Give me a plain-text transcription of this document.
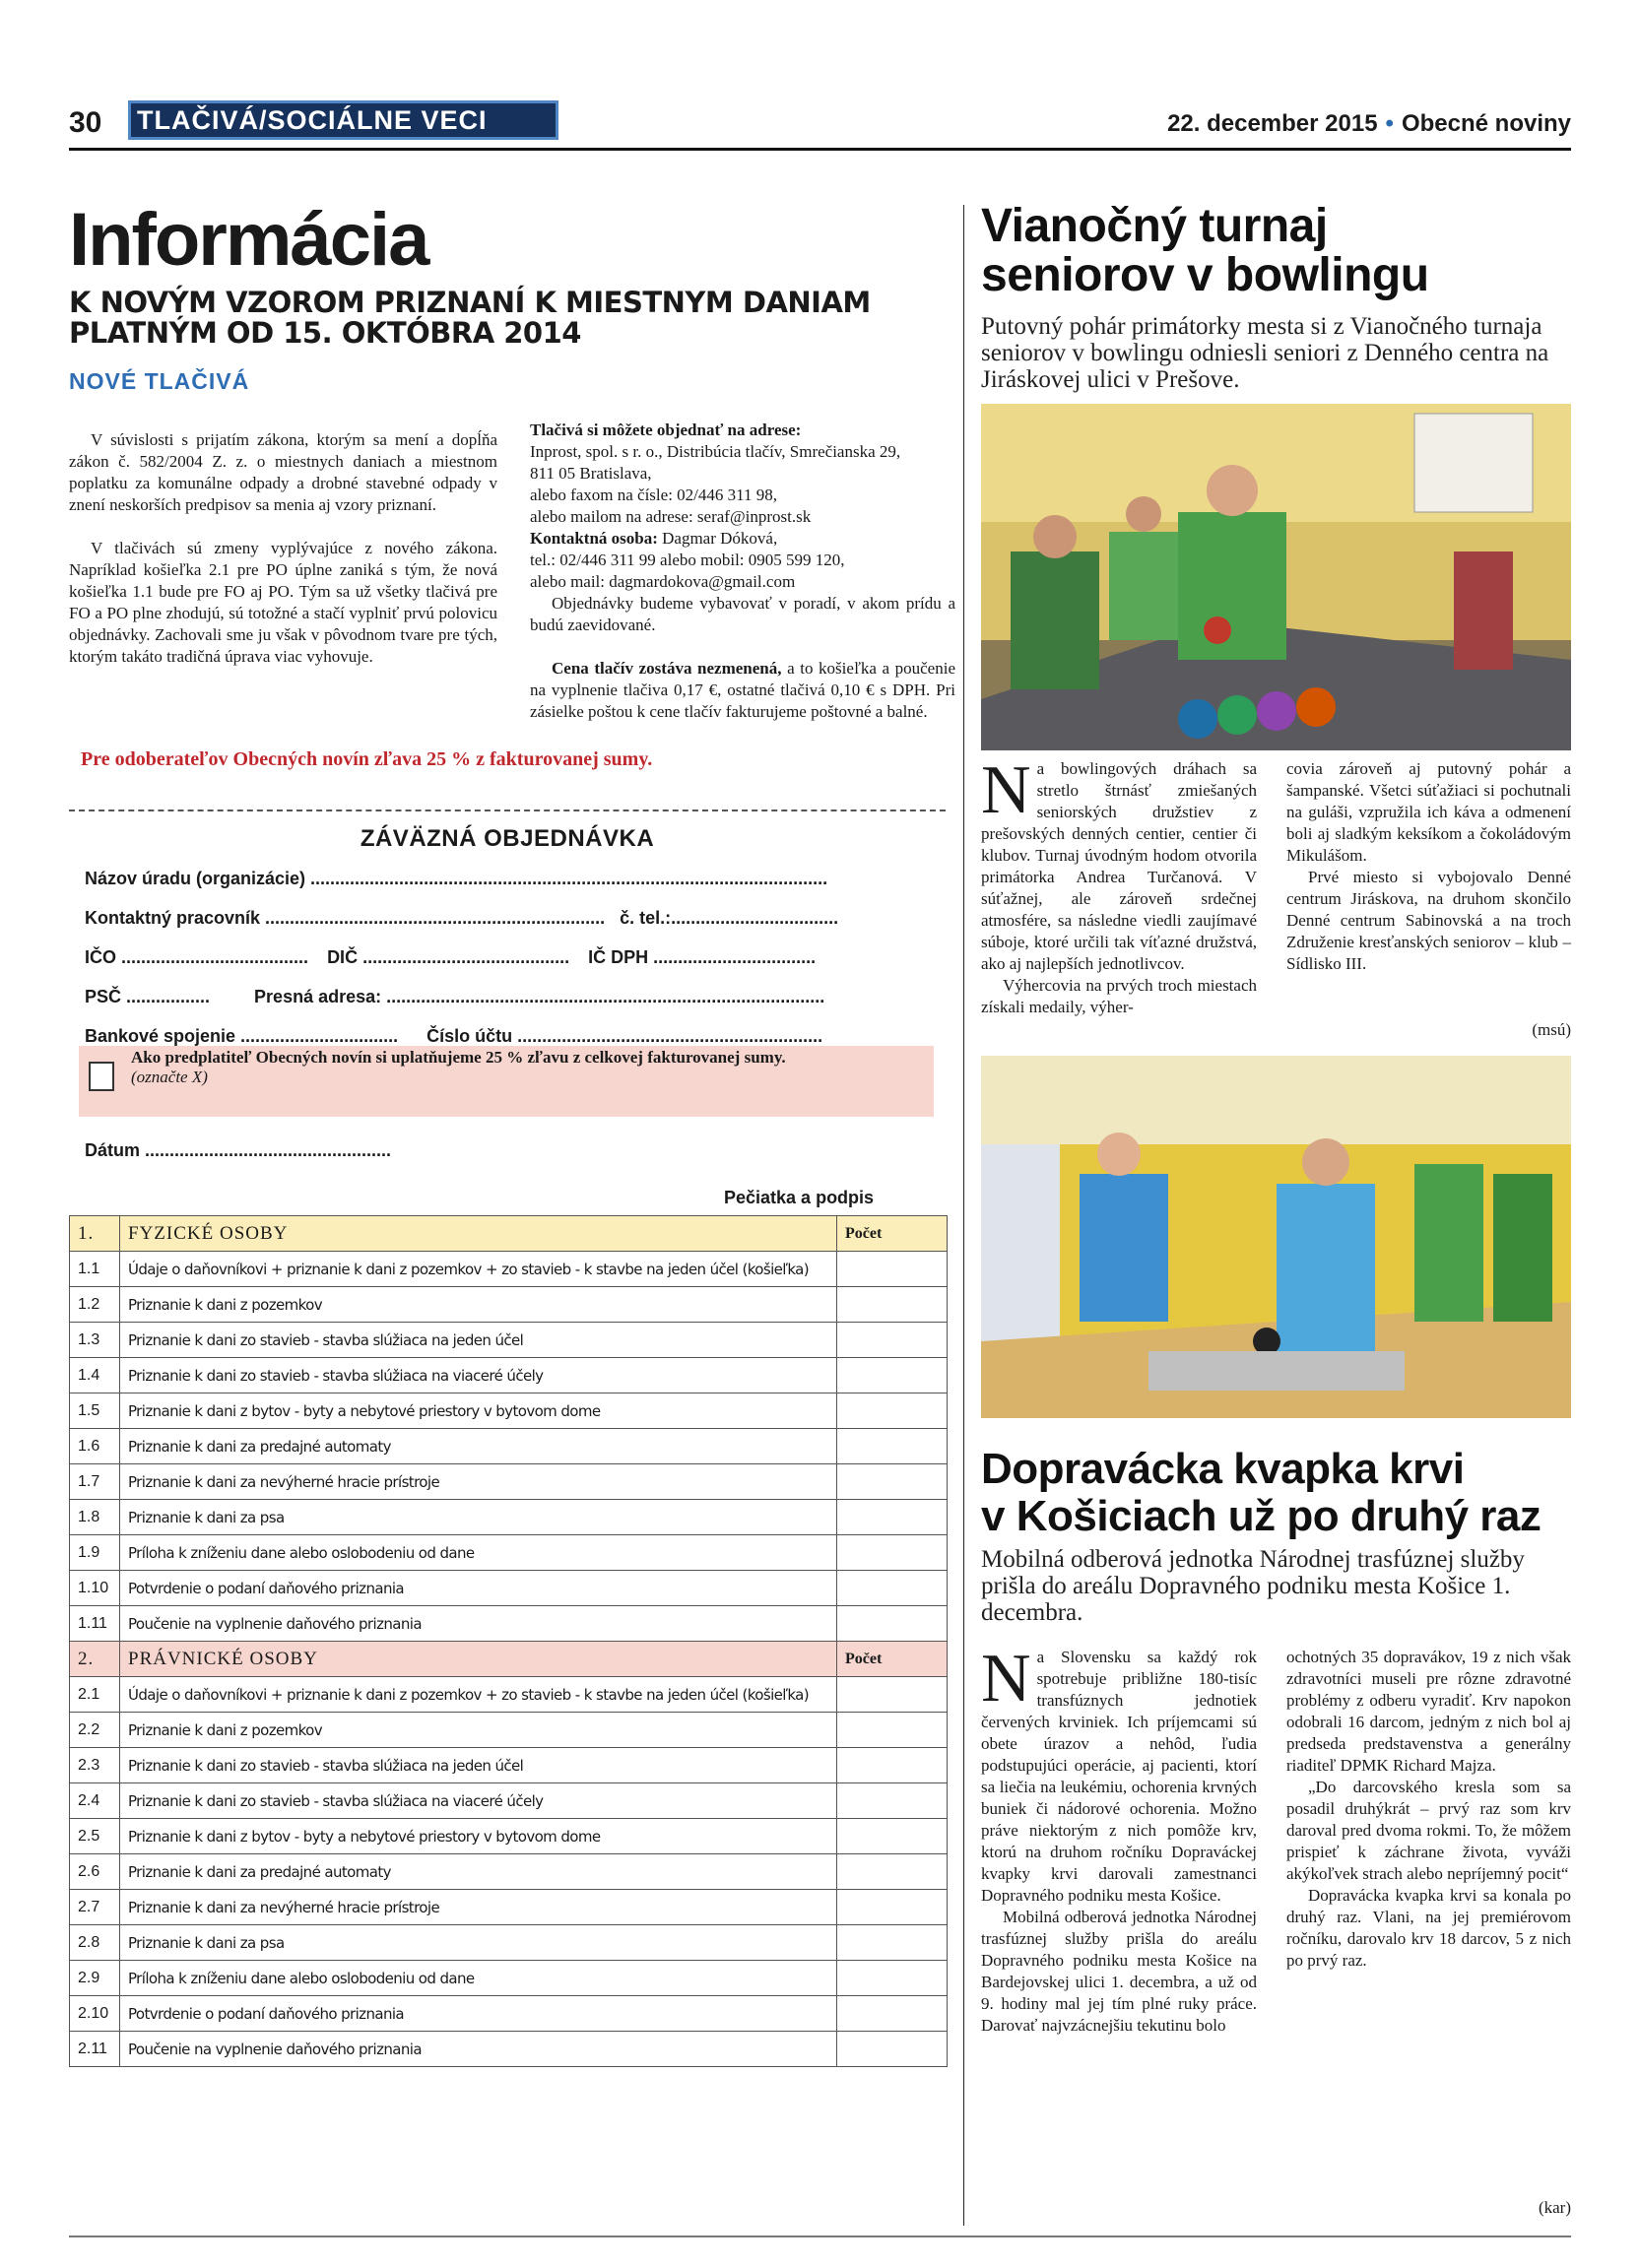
30	TLAČIVÁ/SOCIÁLNE VECI	22. december 2015 • Obecné noviny
Informácia
K NOVÝM VZOROM PRIZNANÍ K MIESTNYM DANIAM PLATNÝM OD 15. OKTÓBRA 2014
NOVÉ TLAČIVÁ

V súvislosti s prijatím zákona, ktorým sa mení a dopĺňa zákon č. 582/2004 Z. z. o miestnych daniach a miestnom poplatku za komunálne odpady a drobné stavebné odpady v znení neskorších predpisov sa menia aj vzory priznaní.

V tlačivách sú zmeny vyplývajúce z nového zákona. Napríklad košieľka 2.1 pre PO úplne zaniká s tým, že nová košieľka 1.1 bude pre FO aj PO. Tým sa už všetky tlačivá pre FO a PO plne zhodujú, sú totožné a stačí vyplniť prvú polovicu objednávky. Zachovali sme ju však v pôvodnom tvare pre tých, ktorým takáto tradičná úprava viac vyhovuje.

Tlačivá si môžete objednať na adrese:

Inprost, spol. s r. o., Distribúcia tlačív, Smrečianska 29,

811 05 Bratislava,

alebo faxom na čísle: 02/446 311 98,

alebo mailom na adrese: seraf@inprost.sk

Kontaktná osoba: Dagmar Dóková,

tel.: 02/446 311 99 alebo mobil: 0905 599 120,

alebo mail: dagmardokova@gmail.com

Objednávky budeme vybavovať v poradí, v akom prídu a budú zaevidované.

Cena tlačív zostáva nezmenená, a to košieľka a poučenie na vyplnenie tlačiva 0,17 €, ostatné tlačivá 0,10 € s DPH. Pri zásielke poštou k cene tlačív fakturujeme poštovné a balné.

Pre odoberateľov Obecných novín zľava 25 % z fakturovanej sumy.
ZÁVÄZNÁ OBJEDNÁVKA
Názov úradu (organizácie) .........................................................................................................
Kontaktný pracovník ..................................................................... č. tel.:..................................
IČO ...................................... DIČ .......................................... IČ DPH .................................
PSČ .................	Presná adresa: .........................................................................................
Bankové spojenie ................................ Číslo účtu ..............................................................
Ako predplatiteľ Obecných novín si uplatňujeme 25 % zľavu z celkovej fakturovanej sumy.
(označte X)
Dátum ..................................................
Pečiatka a podpis
1.	FYZICKÉ OSOBY	Počet
1.1	Údaje o daňovníkovi + priznanie k dani z pozemkov + zo stavieb - k stavbe na jeden účel (košieľka)	
1.2	Priznanie k dani z pozemkov	
1.3	Priznanie k dani zo stavieb - stavba slúžiaca na jeden účel	
1.4	Priznanie k dani zo stavieb - stavba slúžiaca na viaceré účely	
1.5	Priznanie k dani z bytov - byty a nebytové priestory v bytovom dome	
1.6	Priznanie k dani za predajné automaty	
1.7	Priznanie k dani za nevýherné hracie prístroje	
1.8	Priznanie k dani za psa	
1.9	Príloha k zníženiu dane alebo oslobodeniu od dane	
1.10	Potvrdenie o podaní daňového priznania	
1.11	Poučenie na vyplnenie daňového priznania	
2.	PRÁVNICKÉ OSOBY	Počet
2.1	Údaje o daňovníkovi + priznanie k dani z pozemkov + zo stavieb - k stavbe na jeden účel (košieľka)	
2.2	Priznanie k dani z pozemkov	
2.3	Priznanie k dani zo stavieb - stavba slúžiaca na jeden účel	
2.4	Priznanie k dani zo stavieb - stavba slúžiaca na viaceré účely	
2.5	Priznanie k dani z bytov - byty a nebytové priestory v bytovom dome	
2.6	Priznanie k dani za predajné automaty	
2.7	Priznanie k dani za nevýherné hracie prístroje	
2.8	Priznanie k dani za psa	
2.9	Príloha k zníženiu dane alebo oslobodeniu od dane	
2.10	Potvrdenie o podaní daňového priznania	
2.11	Poučenie na vyplnenie daňového priznania	
Vianočný turnaj
seniorov v bowlingu
Putovný pohár primátorky mesta si z Vianočného turnaja seniorov v bowlingu odniesli seniori z Denného centra na Jiráskovej ulici v Prešove.
N a bowlingových dráhach sa stretlo štrnásť zmiešaných seniorských družstiev z prešovských denných centier, centier či klubov. Turnaj úvodným hodom otvorila primátorka Andrea Turčanová. V súťažnej, ale zároveň srdečnej atmosfére, sa následne viedli zaujímavé súboje, ktoré určili tak víťazné družstvá, ako aj najlepších jednotlivcov.

Výhercovia na prvých troch miestach získali medaily, výher-

covia zároveň aj putovný pohár a šampanské. Všetci súťažiaci si pochutnali na guláši, vzpružila ich káva a odmenení boli aj sladkým keksíkom a čokoládovým Mikulášom.

Prvé miesto si vybojovalo Denné centrum Jiráskova, na druhom skončilo Denné centrum Sabinovská a na troch Združenie kresťanských seniorov – klub – Sídlisko III.

(msú)
Dopravácka kvapka krvi
v Košiciach už po druhý raz
Mobilná odberová jednotka Národnej trasfúznej služby prišla do areálu Dopravného podniku mesta Košice 1. decembra.
N a Slovensku sa každý rok spotrebuje približne 180-tisíc transfúznych jednotiek červených krviniek. Ich príjemcami sú obete úrazov a nehôd, ľudia podstupujúci operácie, aj pacienti, ktorí sa liečia na leukémiu, ochorenia krvných buniek či nádorové ochorenia. Možno práve niektorým z nich pomôže krv, ktorú na druhom ročníku Dopraváckej kvapky krvi darovali zamestnanci Dopravného podniku mesta Košice.

Mobilná odberová jednotka Národnej trasfúznej služby prišla do areálu Dopravného podniku mesta Košice na Bardejovskej ulici 1. decembra, a už od 9. hodiny mal jej tím plné ruky práce. Darovať najvzácnejšiu tekutinu bolo

ochotných 35 dopravákov, 19 z nich však zdravotníci museli pre rôzne zdravotné problémy z odberu vyradiť. Krv napokon odobrali 16 darcom, jedným z nich bol aj predseda predstavenstva a generálny riaditeľ DPMK Richard Majza.

„Do darcovského kresla som sa posadil druhýkrát – prvý raz som krv daroval pred dvoma rokmi. To, že môžem prispieť k záchrane života, vyváži akýkoľvek strach alebo nepríjemný pocit“

Dopravácka kvapka krvi sa konala po druhý raz. Vlani, na jej premiérovom ročníku, darovalo krv 18 darcov, 5 z nich po prvý raz.

(kar)
